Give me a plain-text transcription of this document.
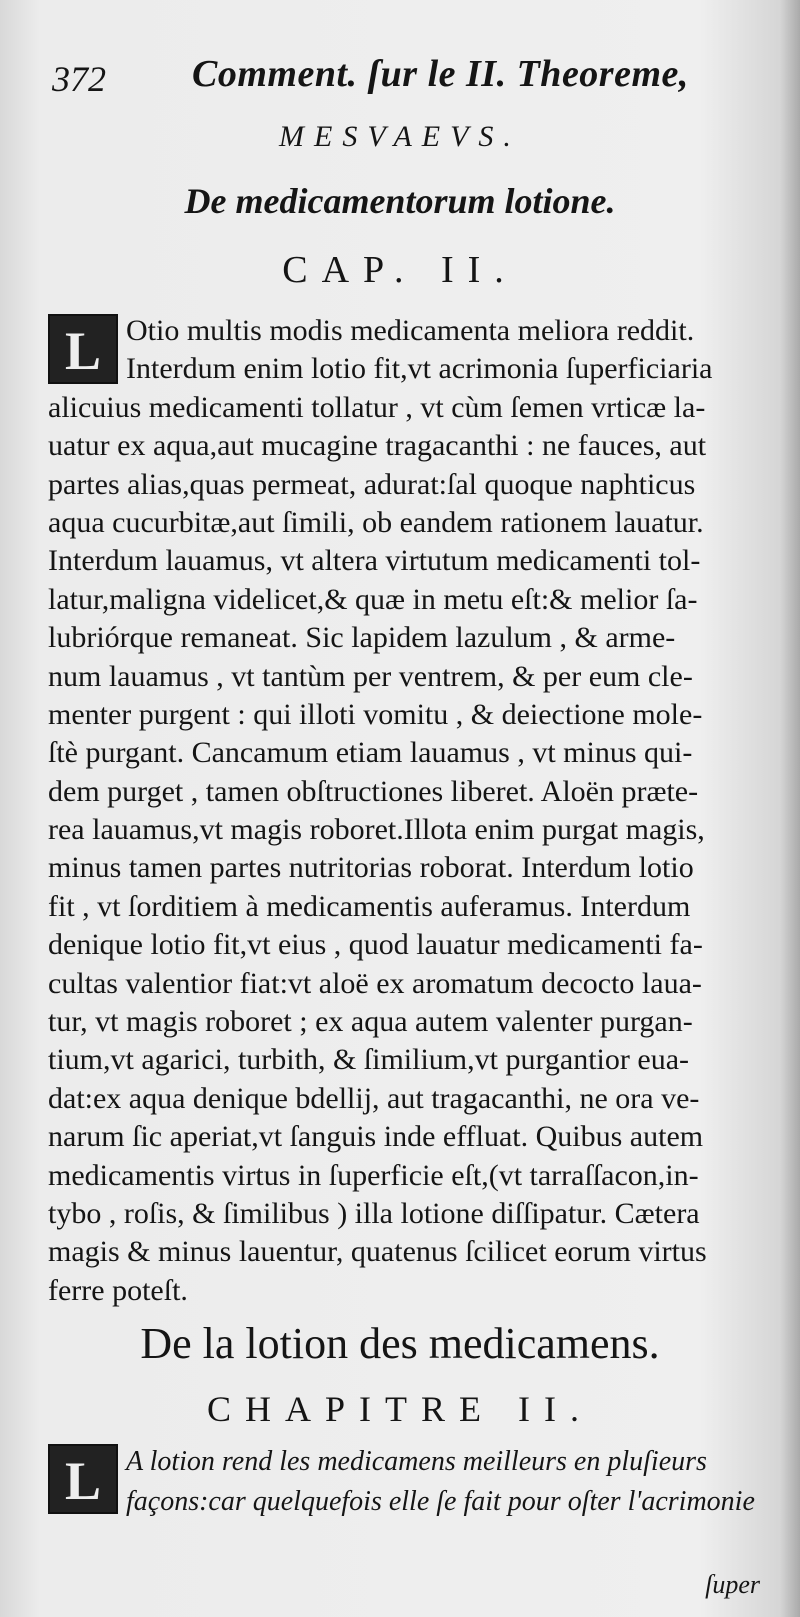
372 Comment. ſur le II. Theoreme,
MESVAEVS.
De medicamentorum lotione.
CAP. II.
L Otio multis modis medicamenta meliora reddit.
Interdum enim lotio fit,vt acrimonia ſuperficiaria
alicuius medicamenti tollatur , vt cùm ſemen vrticæ la-
uatur ex aqua,aut mucagine tragacanthi : ne fauces, aut
partes alias,quas permeat, adurat:ſal quoque naphticus
aqua cucurbitæ,aut ſimili, ob eandem rationem lauatur.
Interdum lauamus, vt altera virtutum medicamenti tol-
latur,maligna videlicet,& quæ in metu eſt:& melior ſa-
lubriórque remaneat. Sic lapidem lazulum , & arme-
num lauamus , vt tantùm per ventrem, & per eum cle-
menter purgent : qui illoti vomitu , & deiectione mole-
ſtè purgant. Cancamum etiam lauamus , vt minus qui-
dem purget , tamen obſtructiones liberet. Aloën præte-
rea lauamus,vt magis roboret.Illota enim purgat magis,
minus tamen partes nutritorias roborat. Interdum lotio
fit , vt ſorditiem à medicamentis auferamus. Interdum
denique lotio fit,vt eius , quod lauatur medicamenti fa-
cultas valentior fiat:vt aloë ex aromatum decocto laua-
tur, vt magis roboret ; ex aqua autem valenter purgan-
tium,vt agarici, turbith, & ſimilium,vt purgantior eua-
dat:ex aqua denique bdellij, aut tragacanthi, ne ora ve-
narum ſic aperiat,vt ſanguis inde effluat. Quibus autem
medicamentis virtus in ſuperficie eſt,(vt tarraſſacon,in-
tybo , roſis, & ſimilibus ) illa lotione diſſipatur. Cætera
magis & minus lauentur, quatenus ſcilicet eorum virtus
ferre poteſt.
De la lotion des medicamens.
CHAPITRE II.
L A lotion rend les medicamens meilleurs en pluſieurs
façons:car quelquefois elle ſe fait pour oſter l'acrimonie
ſuper
